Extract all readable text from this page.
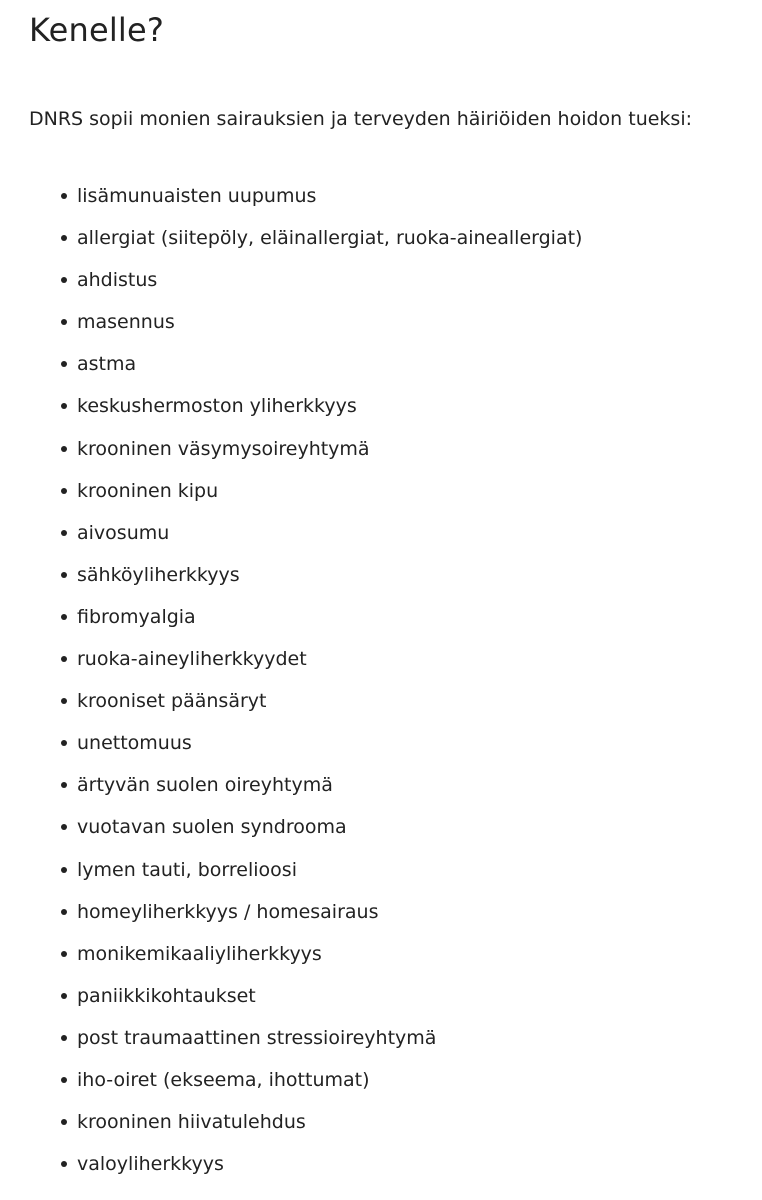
Kenelle?

DNRS sopii monien sairauksien ja terveyden häiriöiden hoidon tueksi:

lisämunuaisten uupumus
allergiat (siitepöly, eläinallergiat, ruoka-aineallergiat)
ahdistus
masennus
astma
keskushermoston yliherkkyys
krooninen väsymysoireyhtymä
krooninen kipu
aivosumu
sähköyliherkkyys
fibromyalgia
ruoka-aineyliherkkyydet
krooniset päänsäryt
unettomuus
ärtyvän suolen oireyhtymä
vuotavan suolen syndrooma
lymen tauti, borrelioosi
homeyliherkkyys / homesairaus
monikemikaaliyliherkkyys
paniikkikohtaukset
post traumaattinen stressioireyhtymä
iho-oiret (ekseema, ihottumat)
krooninen hiivatulehdus
valoyliherkkyys
